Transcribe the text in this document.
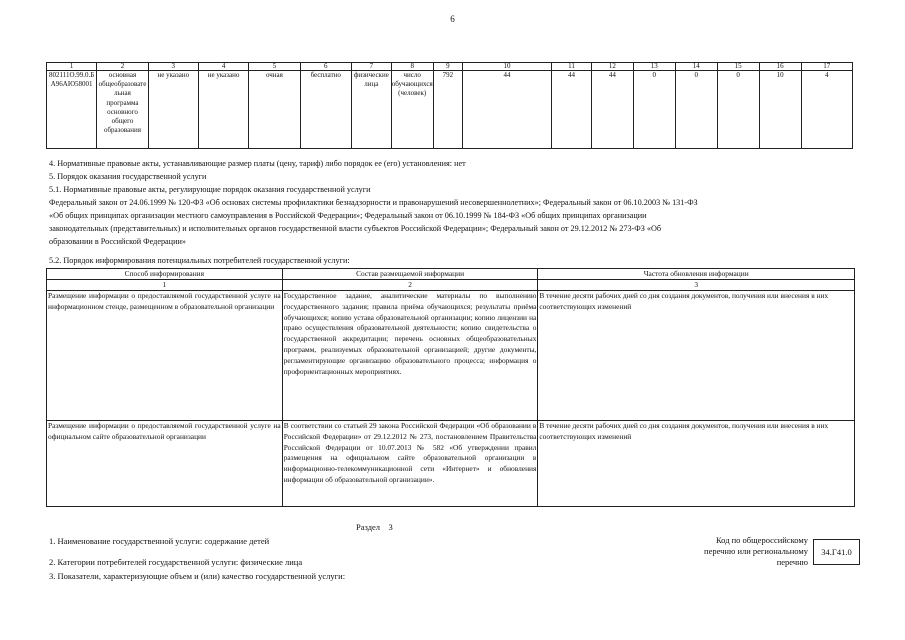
6
1	2	3	4	5	6	7	8	9	10	11	12	13	14	15	16	17
802111О.99.0.БА96АЮ58001	основная общеобразовательная программа основного общего образования	не указано	не указано	очная	бесплатно	физические лица	число обучающихся (человек)	792	44	44	44	0	0	0	10	4
4. Нормативные правовые акты, устанавливающие размер платы (цену, тариф) либо порядок ее (его) установления: нет
5. Порядок оказания государственной услуги
5.1. Нормативные правовые акты, регулирующие порядок оказания государственной услуги
Федеральный закон от 24.06.1999 № 120-ФЗ «Об основах системы профилактики безнадзорности и правонарушений несовершеннолетних»; Федеральный закон от 06.10.2003 № 131-ФЗ
«Об общих принципах организации местного самоуправления в Российской Федерации»; Федеральный закон от 06.10.1999 № 184-ФЗ «Об общих принципах организации
законодательных (представительных) и исполнительных органов государственной власти субъектов Российской Федерации»; Федеральный закон от 29.12.2012 № 273-ФЗ «Об
образовании в Российской Федерации»
5.2. Порядок информирования потенциальных потребителей государственной услуги:
Способ информирования	Состав размещаемой информации	Частота обновления информации
1	2	3
Размещение информации о предоставляемой государственной услуге на информационном стенде, размещенном в образовательной организации	Государственное задание, аналитические материалы по выполнению государственного задания; правила приёма обучающихся; результаты приёма обучающихся; копию устава образовательной организации; копию лицензии на право осуществления образовательной деятельности; копию свидетельства о государственной аккредитации; перечень основных общеобразовательных программ, реализуемых образовательной организацией; другие документы, регламентирующие организацию образовательного процесса; информация о профориентационных мероприятиях.	В течение десяти рабочих дней со дня создания документов, получения или внесения в них соответствующих изменений
Размещение информации о предоставляемой государственной услуге на официальном сайте образовательной организации	В соответствии со статьей 29 закона Российской Федерации «Об образовании в Российской Федерации» от 29.12.2012 № 273, постановлением Правительства Российской Федерации от 10.07.2013 № 582 «Об утверждении правил размещения на официальном сайте образовательной организации в информационно-телекоммуникационной сети «Интернет» и обновления информации об образовательной организации».	В течение десяти рабочих дней со дня создания документов, получения или внесения в них соответствующих изменений
Раздел    3
1. Наименование государственной услуги: содержание детей
2. Категории потребителей государственной услуги: физические лица
3. Показатели, характеризующие объем и (или) качество государственной услуги:
Код по общероссийскому перечню или региональному перечню
34.Г41.0
